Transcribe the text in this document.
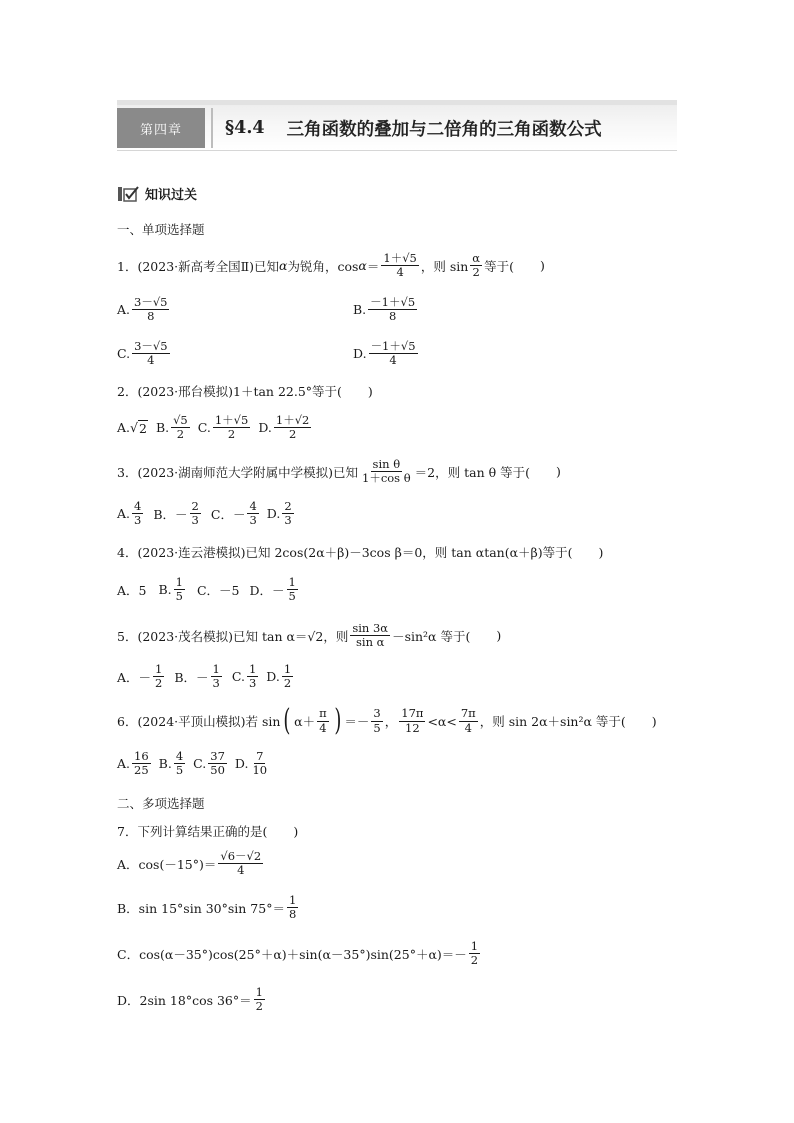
第四章	§4.4 三角函数的叠加与二倍角的三角函数公式
知识过关
一、单项选择题
1．(2023·新高考全国Ⅱ)已知 α 为锐角，$\cos \alpha = \frac{1+√5}{4}$ ，则 $\sin \frac{\alpha}{2}$ 等于( )
A. $\frac{3-√5}{8}$	B. $\frac{-1+√5}{8}$
C. $\frac{3-√5}{4}$	D. $\frac{-1+√5}{4}$
2．(2023·邢台模拟)1＋tan 22.5°等于( )
A. √ 2 B. $\frac{√5}{2} C$. $\frac{1+√5}{2} D$. $\frac{1+√2}{2}$
3．(2023·湖南师范大学附属中学模拟)已知 $\frac{\text{sin θ}}{\text{1＋cos θ}} =2$，则 tan θ 等于( )
A. $\frac{4}{3}$ B． － $\frac{2}{3}$ C． － $\frac{4}{3} D$. $\frac{2}{3}$
4．(2023·连云港模拟)已知 2cos(2α＋β)－3cos β＝0，则 tan αtan(α＋β)等于( )
A．5 B. $\frac{1}{5}$ C．－5 D．－ $\frac{1}{5}$
5．(2023·茂名模拟)已知 tan α＝√2，则 $\frac{\sin 3\alpha}{\text{sin α}} -\sin^2\alpha$ 等于( )
A．－ $\frac{1}{2}$ B．－ $\frac{1}{3} C$. $\frac{1}{3} D$. $\frac{1}{2}$
6．(2024·平顶山模拟)若 sin ( $\alpha+ \frac{\pi}{4}$ ) ＝－ $\frac{3}{5}$ ， $\frac{17\pi}{12} <\alpha< \frac{7\pi}{4}$ ，则 sin 2α＋sin²α 等于( )
A. $\frac{16}{25} B$. $\frac{4}{5} C$. $\frac{37}{50} D$. $\frac{7}{10}$
二、多项选择题
7．下列计算结果正确的是( )
A．$\cos(-15^\circ)= \frac{√6-√2}{4}$
B．sin 15°sin 30°sin $75^\circ= \frac{1}{8}$
C．$\cos(\alpha-35^\circ)\cos(25^\circ+\alpha)+\sin(\alpha-35^\circ)\sin(25^\circ+\alpha)=- \frac{1}{2}$
D．2sin 18°cos $36^\circ= \frac{1}{2}$
